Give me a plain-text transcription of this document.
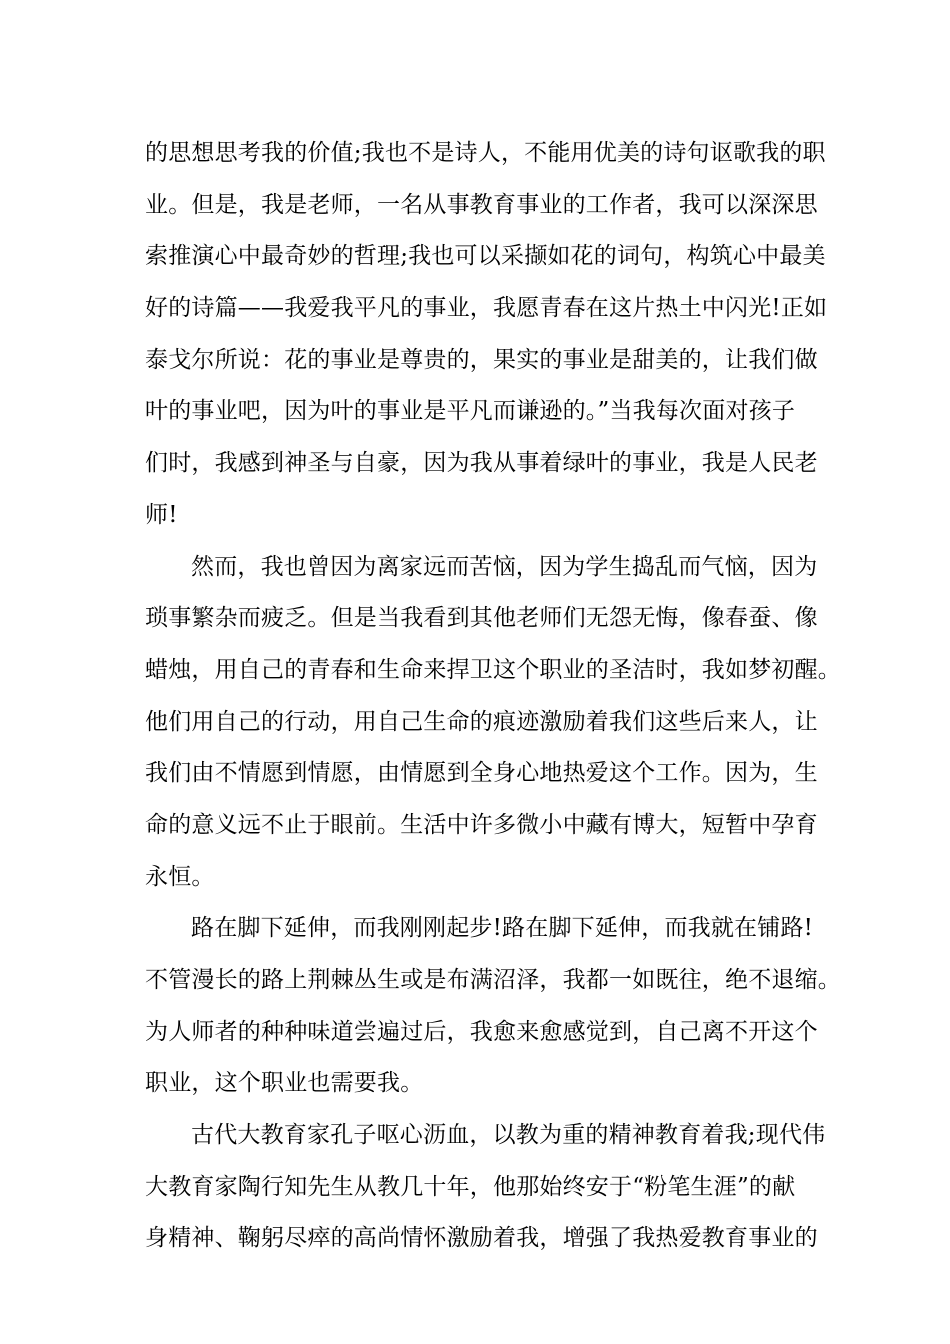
的思想思考我的价值;我也不是诗人，不能用优美的诗句讴歌我的职
业。但是，我是老师，一名从事教育事业的工作者，我可以深深思
索推演心中最奇妙的哲理;我也可以采撷如花的词句，构筑心中最美
好的诗篇——我爱我平凡的事业，我愿青春在这片热土中闪光!正如
泰戈尔所说：花的事业是尊贵的，果实的事业是甜美的，让我们做
叶的事业吧，因为叶的事业是平凡而谦逊的。”当我每次面对孩子
们时，我感到神圣与自豪，因为我从事着绿叶的事业，我是人民老
师!
然而，我也曾因为离家远而苦恼，因为学生捣乱而气恼，因为
琐事繁杂而疲乏。但是当我看到其他老师们无怨无悔，像春蚕、像
蜡烛，用自己的青春和生命来捍卫这个职业的圣洁时，我如梦初醒。
他们用自己的行动，用自己生命的痕迹激励着我们这些后来人，让
我们由不情愿到情愿，由情愿到全身心地热爱这个工作。因为，生
命的意义远不止于眼前。生活中许多微小中藏有博大，短暂中孕育
永恒。
路在脚下延伸，而我刚刚起步!路在脚下延伸，而我就在铺路!
不管漫长的路上荆棘丛生或是布满沼泽，我都一如既往，绝不退缩。
为人师者的种种味道尝遍过后，我愈来愈感觉到，自己离不开这个
职业，这个职业也需要我。
古代大教育家孔子呕心沥血，以教为重的精神教育着我;现代伟
大教育家陶行知先生从教几十年，他那始终安于“粉笔生涯”的献
身精神、鞠躬尽瘁的高尚情怀激励着我，增强了我热爱教育事业的
